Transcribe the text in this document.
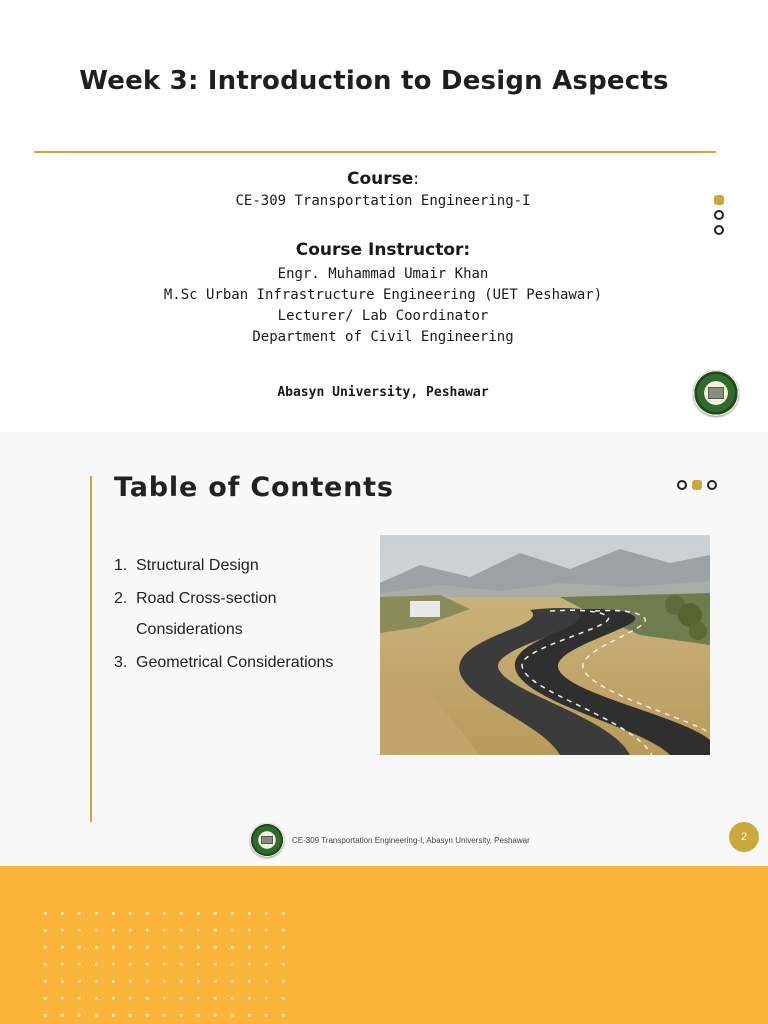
Week 3: Introduction to Design Aspects
Course:
CE-309 Transportation Engineering-I
Course Instructor:
Engr. Muhammad Umair Khan
M.Sc Urban Infrastructure Engineering (UET Peshawar)
Lecturer/ Lab Coordinator
Department of Civil Engineering
Abasyn University, Peshawar
Table of Contents
1. Structural Design
2. Road Cross-section Considerations
3. Geometrical Considerations
CE-309 Transportation Engineering-I, Abasyn University, Peshawar	2
